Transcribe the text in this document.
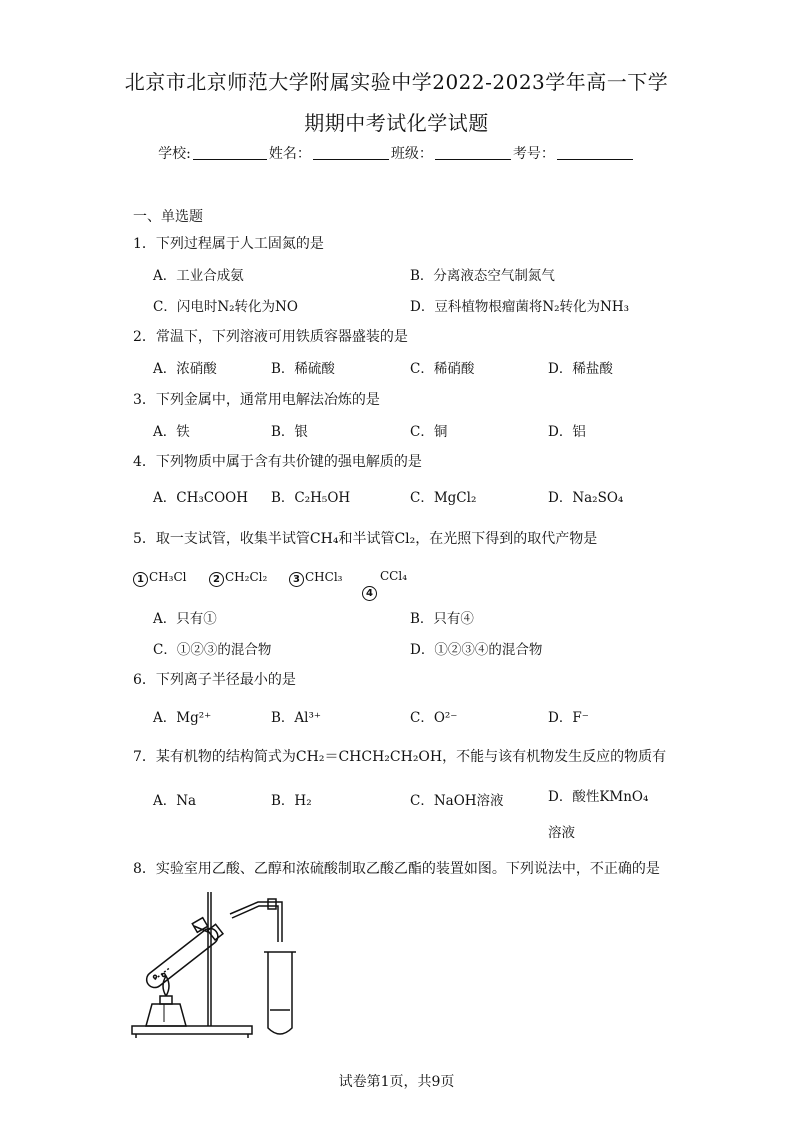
北京市北京师范大学附属实验中学2022-2023学年高一下学
期期中考试化学试题
学校:	姓名：	班级：	考号：
一、单选题
1．下列过程属于人工固氮的是
A．工业合成氨	B．分离液态空气制氮气
C．闪电时N₂转化为NO	D．豆科植物根瘤菌将N₂转化为NH₃
2．常温下，下列溶液可用铁质容器盛装的是
A．浓硝酸	B．稀硫酸	C．稀硝酸	D．稀盐酸
3．下列金属中，通常用电解法冶炼的是
A．铁	B．银	C．铜	D．铝
4．下列物质中属于含有共价键的强电解质的是
A．CH₃COOH B．C₂H₅OH	C．MgCl₂	D．Na₂SO₄
5．取一支试管，收集半试管CH₄和半试管Cl₂，在光照下得到的取代产物是
1 CH₃Cl	2 CH₂Cl₂	3 CHCl₃
4
CCl₄
A．只有①	B．只有④
C．①②③的混合物	D．①②③④的混合物
6．下列离子半径最小的是
A．Mg²⁺	B．Al³⁺	C．O²⁻	D．F⁻
7．某有机物的结构简式为CH₂＝CHCH₂CH₂OH，不能与该有机物发生反应的物质有
A．Na	B．H₂	C．NaOH溶液	D．酸性KMnO₄溶液
8．实验室用乙酸、乙醇和浓硫酸制取乙酸乙酯的装置如图。下列说法中，不正确的是
试卷第1页，共9页
